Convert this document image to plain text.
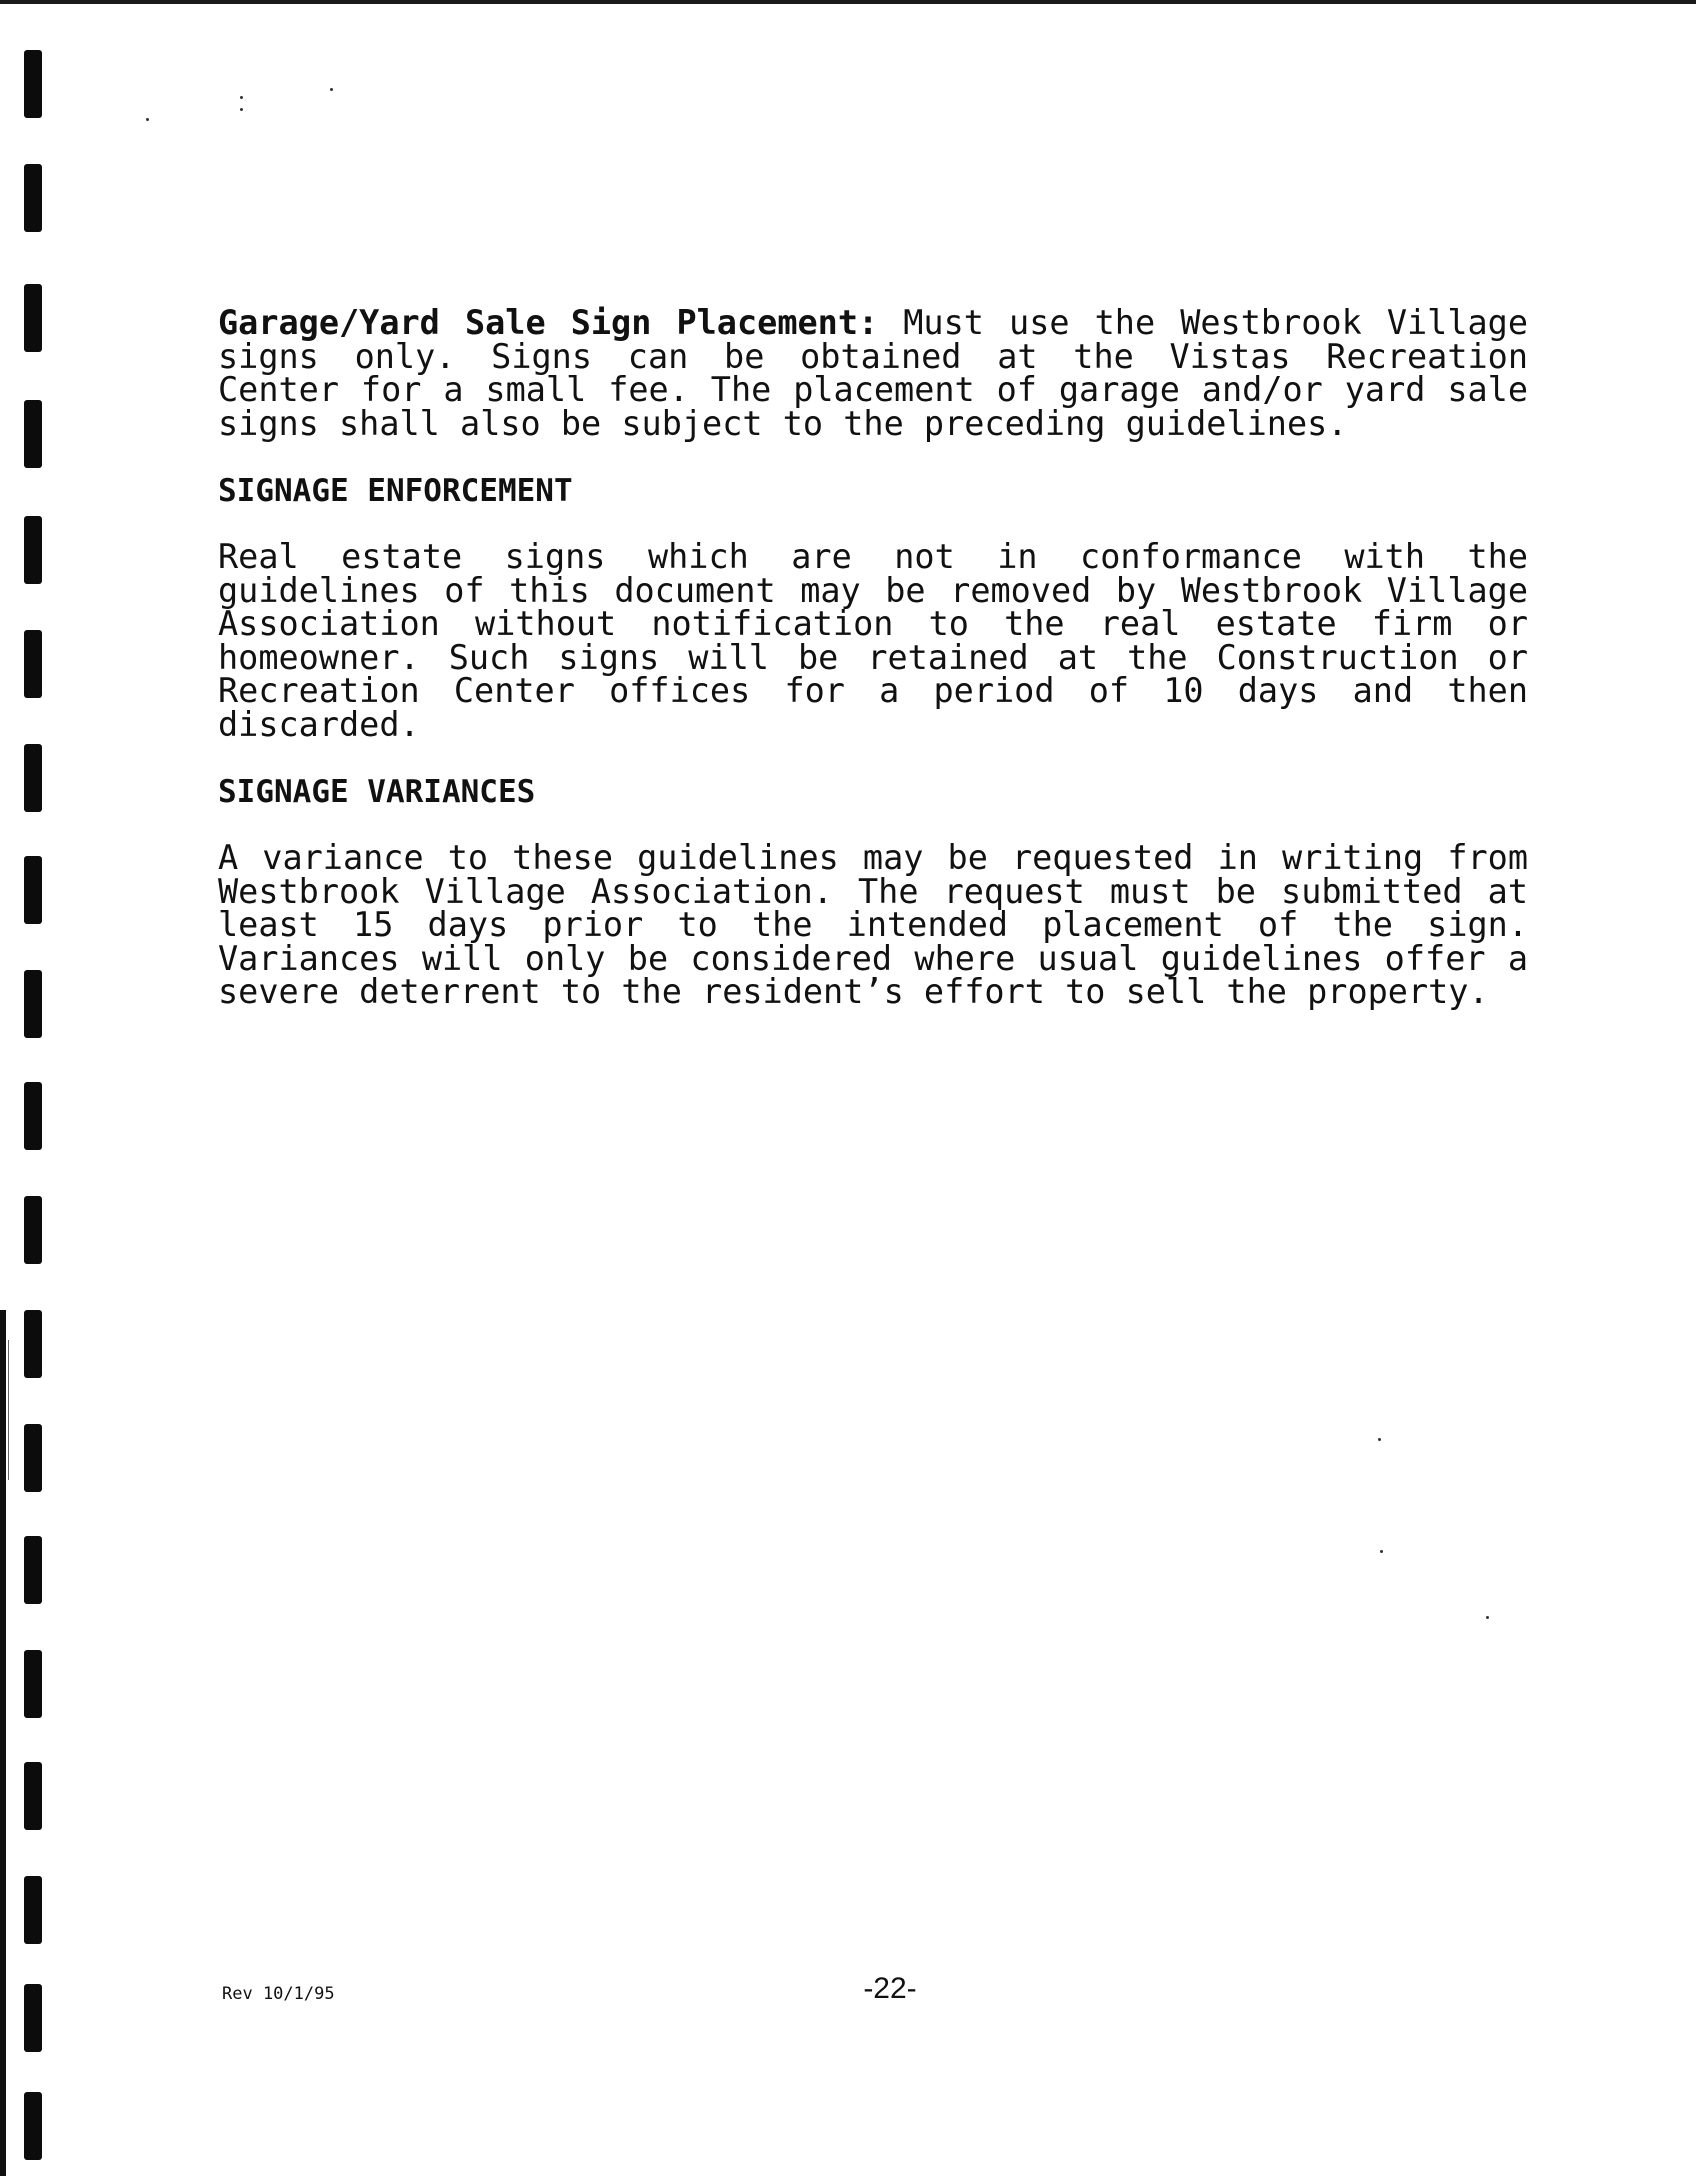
Garage/Yard Sale Sign Placement: Must use the Westbrook Village signs only. Signs can be obtained at the Vistas Recreation Center for a small fee. The placement of garage and/or yard sale signs shall also be subject to the preceding guidelines.

SIGNAGE ENFORCEMENT

Real estate signs which are not in conformance with the guidelines of this document may be removed by Westbrook Village Association without notification to the real estate firm or homeowner. Such signs will be retained at the Construction or Recreation Center offices for a period of 10 days and then discarded.

SIGNAGE VARIANCES

A variance to these guidelines may be requested in writing from Westbrook Village Association. The request must be submitted at least 15 days prior to the intended placement of the sign. Variances will only be considered where usual guidelines offer a severe deterrent to the resident’s effort to sell the property.

Rev 10/1/95	-22-
